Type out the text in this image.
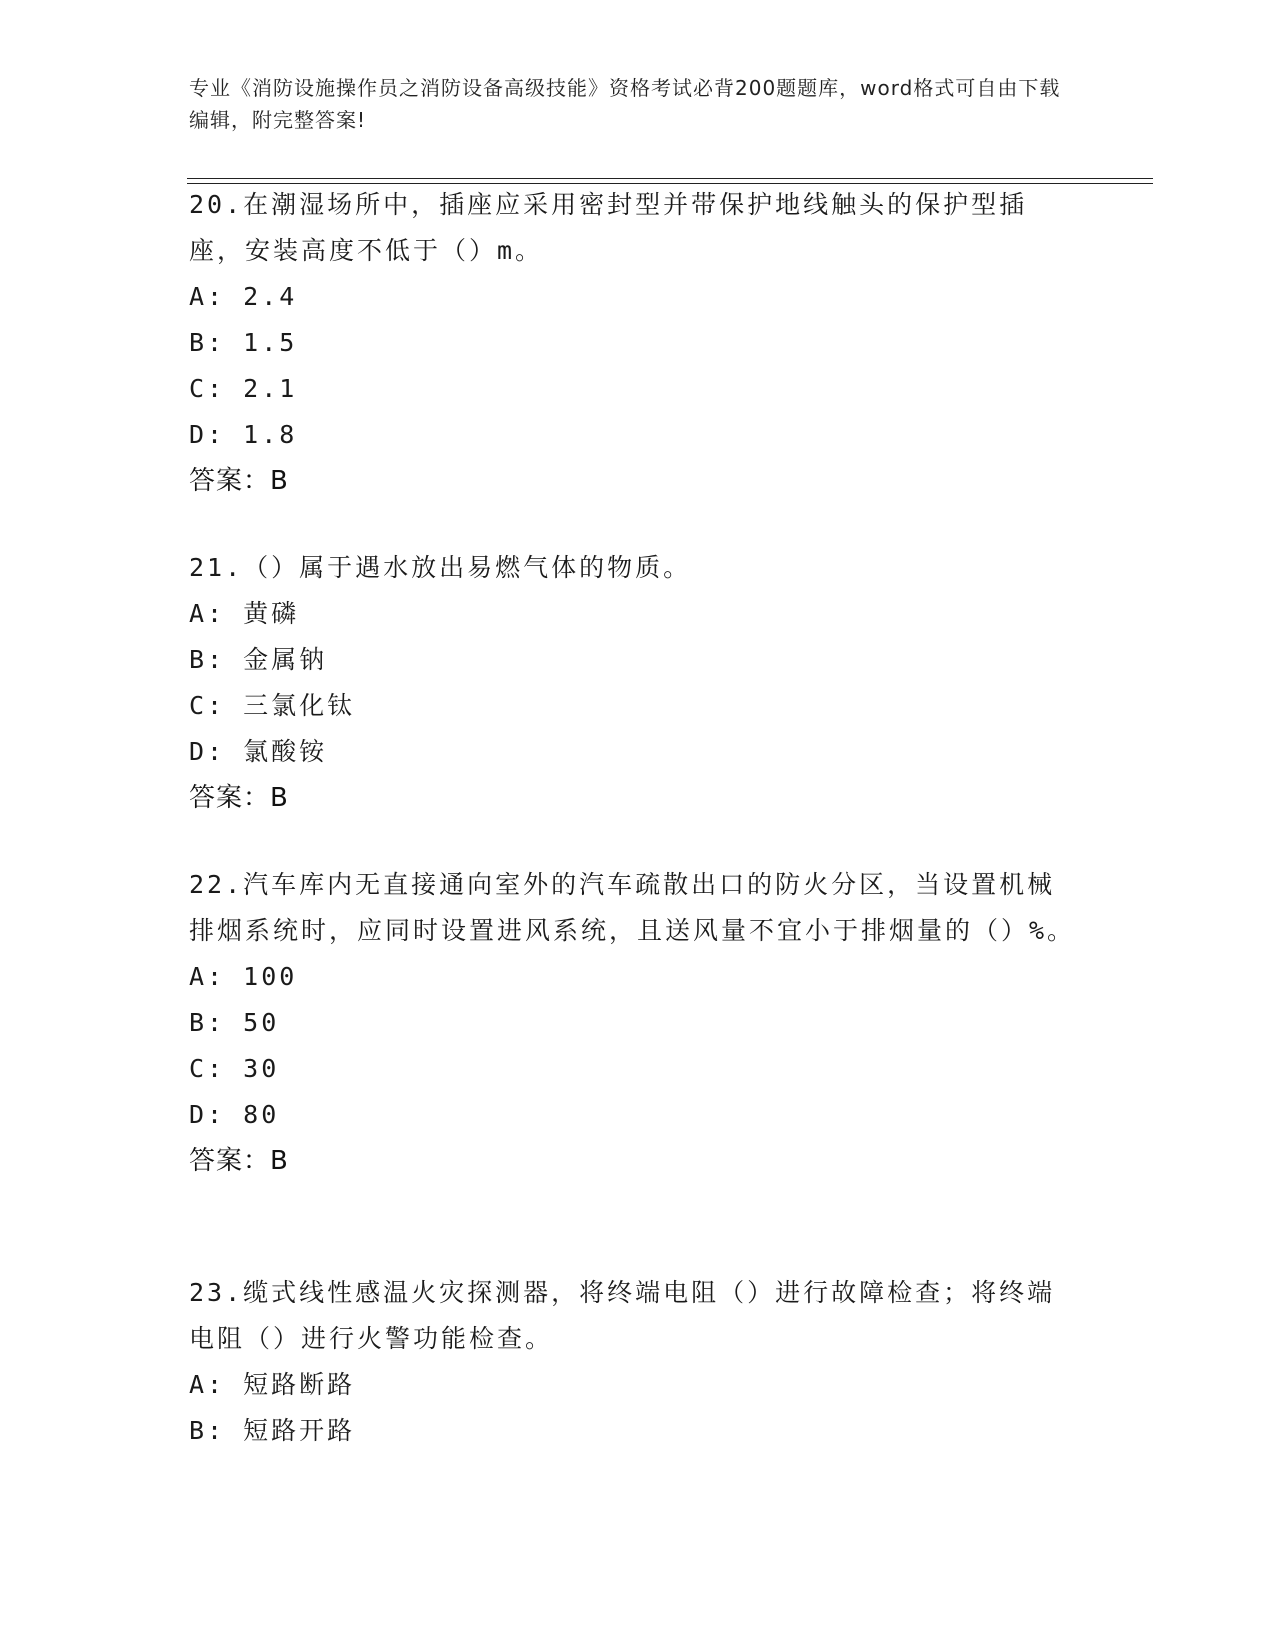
专业《消防设施操作员之消防设备高级技能》资格考试必背200题题库，word格式可自由下载编辑，附完整答案!

20.在潮湿场所中，插座应采用密封型并带保护地线触头的保护型插座，安装高度不低于（）m。

A: 2.4

B: 1.5

C: 2.1

D: 1.8

答案：B

21.（）属于遇水放出易燃气体的物质。

A: 黄磷

B: 金属钠

C: 三氯化钛

D: 氯酸铵

答案：B

22.汽车库内无直接通向室外的汽车疏散出口的防火分区，当设置机械排烟系统时，应同时设置进风系统，且送风量不宜小于排烟量的（）%。

A: 100

B: 50

C: 30

D: 80

答案：B

23.缆式线性感温火灾探测器，将终端电阻（）进行故障检查；将终端电阻（）进行火警功能检查。

A: 短路断路

B: 短路开路
